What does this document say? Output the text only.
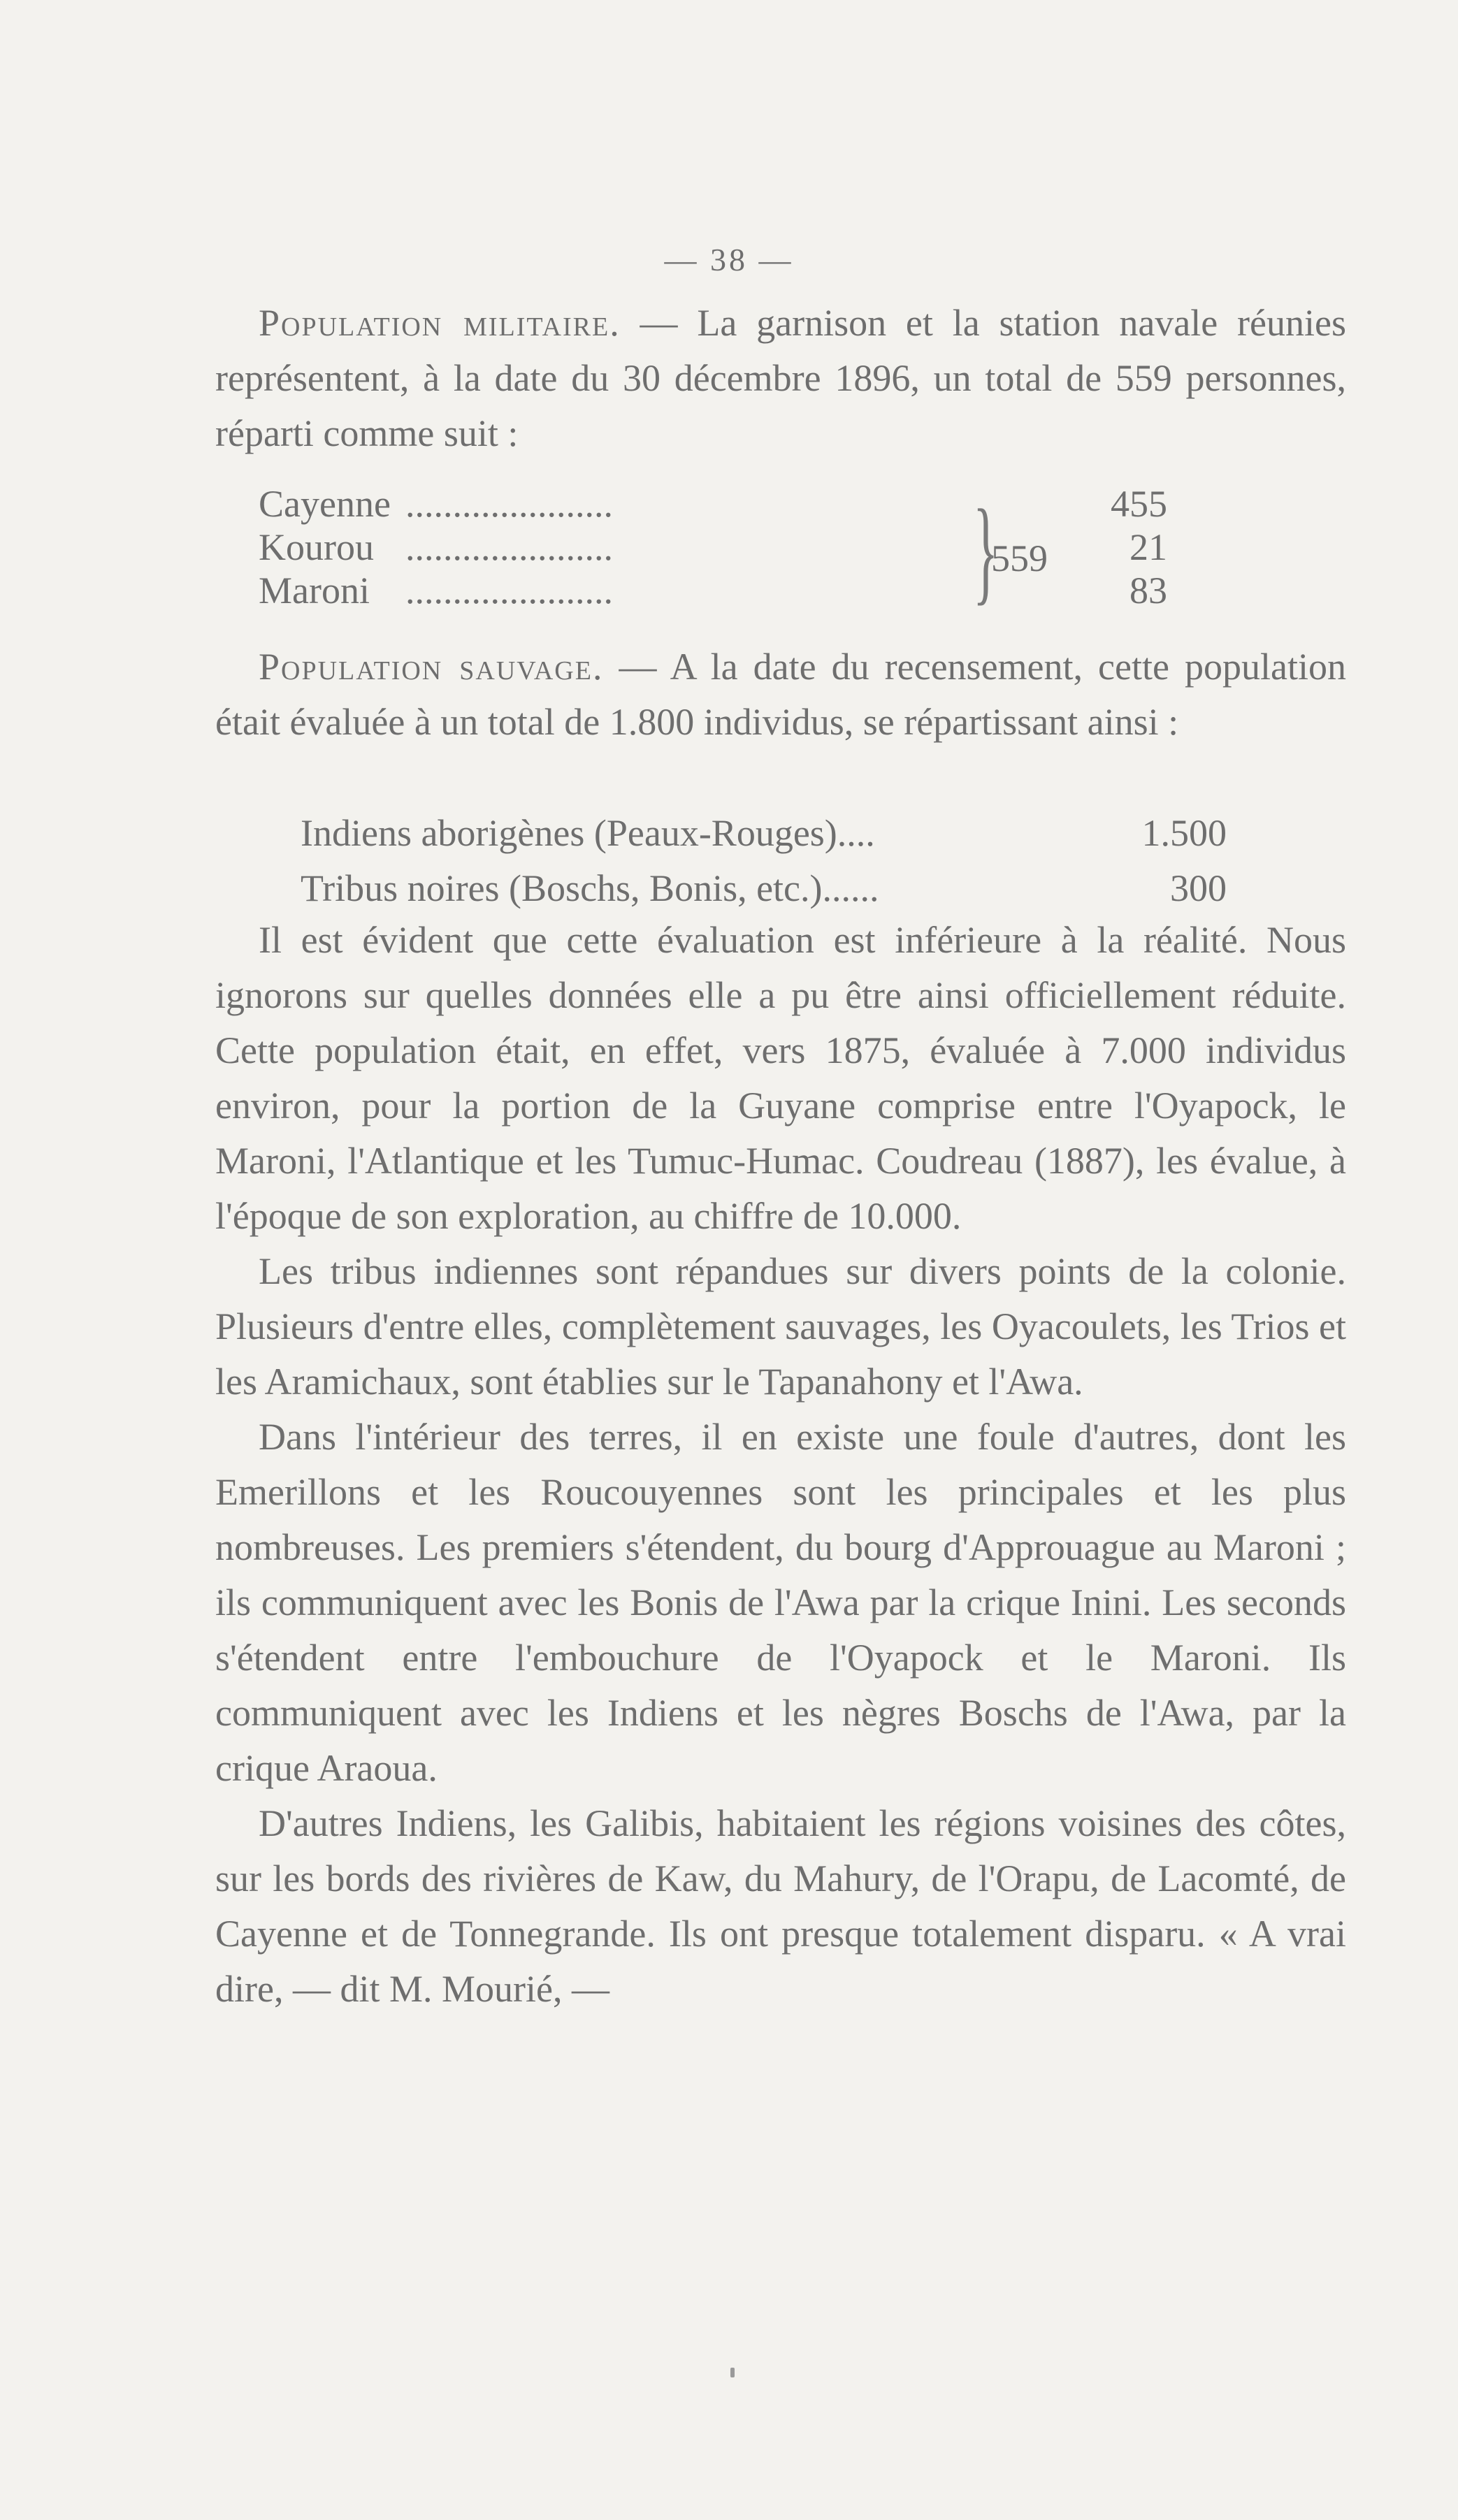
— 38 —

Population militaire. — La garnison et la station navale réunies représentent, à la date du 30 décembre 1896, un total de 559 personnes, réparti comme suit :

Cayenne ......................	455
Kourou ......................	21
Maroni ......................	83
}
559

Population sauvage. — A la date du recensement, cette population était évaluée à un total de 1.800 individus, se répartissant ainsi :

Indiens aborigènes (Peaux-Rouges)....	1.500
Tribus noires (Boschs, Bonis, etc.)......	300

Il est évident que cette évaluation est inférieure à la réalité. Nous ignorons sur quelles données elle a pu être ainsi officiellement réduite. Cette population était, en effet, vers 1875, évaluée à 7.000 individus environ, pour la portion de la Guyane comprise entre l'Oyapock, le Maroni, l'Atlantique et les Tumuc-Humac. Coudreau (1887), les évalue, à l'époque de son exploration, au chiffre de 10.000.

Les tribus indiennes sont répandues sur divers points de la colonie. Plusieurs d'entre elles, complètement sauvages, les Oyacoulets, les Trios et les Aramichaux, sont établies sur le Tapanahony et l'Awa.

Dans l'intérieur des terres, il en existe une foule d'autres, dont les Emerillons et les Roucouyennes sont les principales et les plus nombreuses. Les premiers s'étendent, du bourg d'Approuague au Maroni ; ils communiquent avec les Bonis de l'Awa par la crique Inini. Les seconds s'étendent entre l'embouchure de l'Oyapock et le Maroni. Ils communiquent avec les Indiens et les nègres Boschs de l'Awa, par la crique Araoua.

D'autres Indiens, les Galibis, habitaient les régions voisines des côtes, sur les bords des rivières de Kaw, du Mahury, de l'Orapu, de Lacomté, de Cayenne et de Tonnegrande. Ils ont presque totalement disparu. « A vrai dire, — dit M. Mourié, —
